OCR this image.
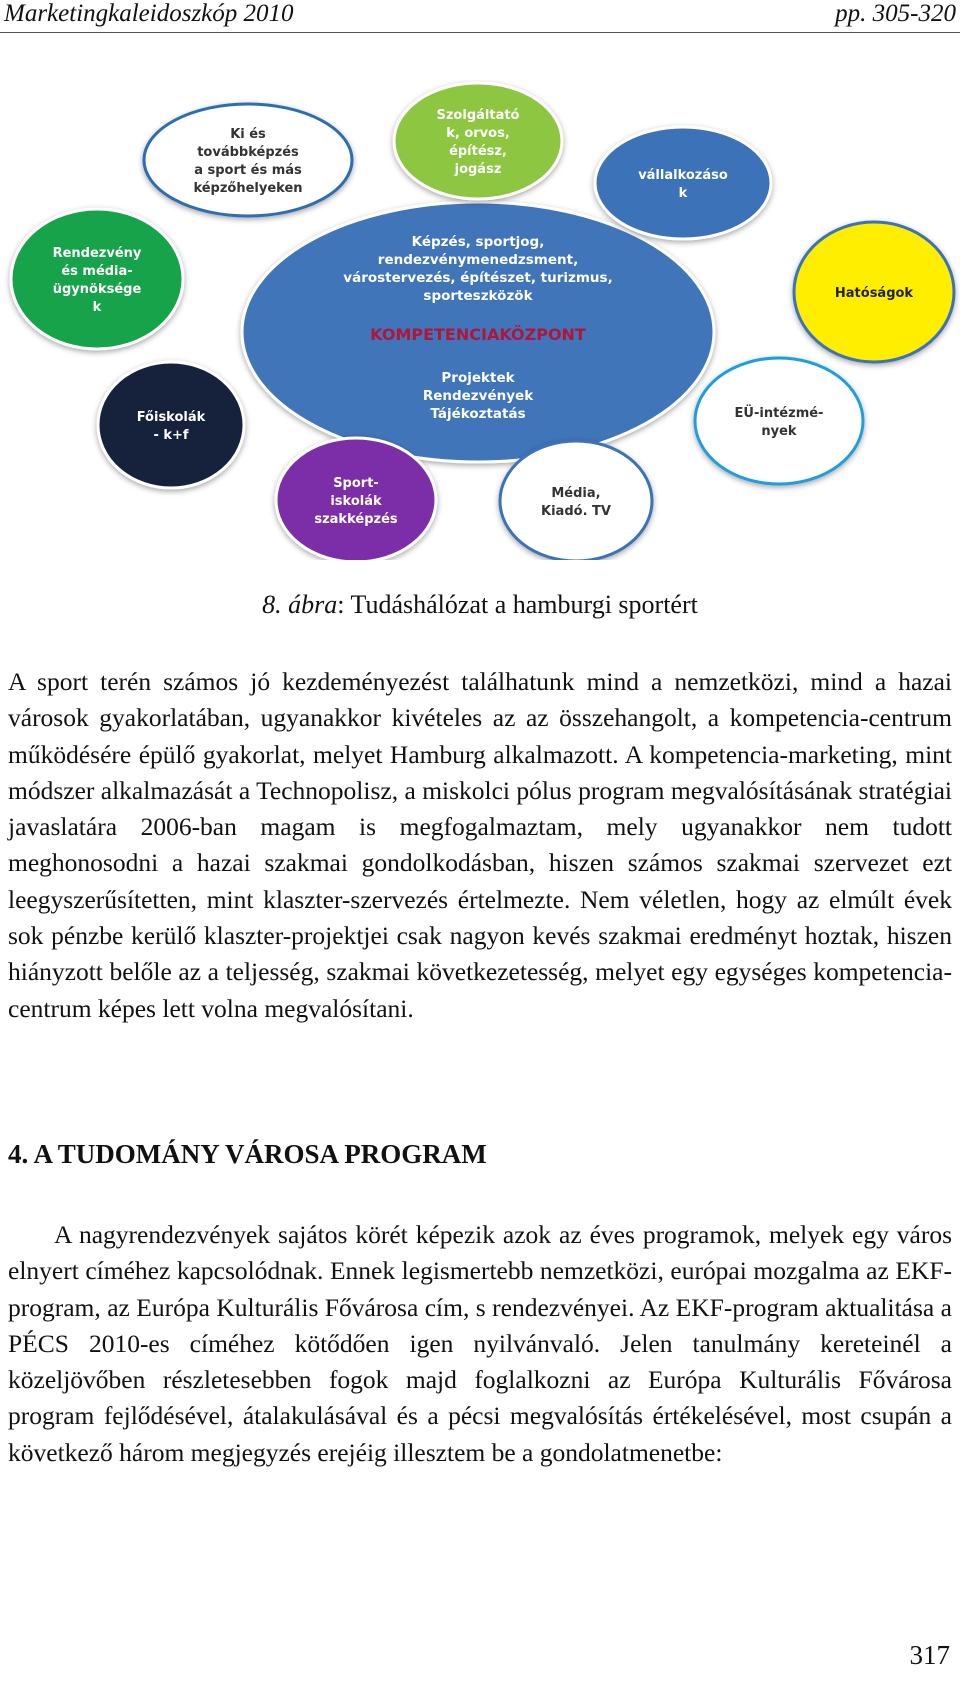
Marketingkaleidoszkóp 2010	pp. 305-320
Képzés, sportjog,
rendezvénymenedzsment,
várostervezés, építészet, turizmus,
sporteszközök
KOMPETENCIAKÖZPONT
Projektek
Rendezvények
Tájékoztatás
Ki és
továbbképzés
a sport és más
képzőhelyeken
Szolgáltató
k, orvos,
építész,
jogász	vállalkozáso
k
Rendezvény
és média-
ügynöksége
k
Hatóságok
Főiskolák
- k+f
EÜ-intézmé-
nyek
Sport-
iskolák
szakképzés
Média,
Kiadó. TV
8. ábra: Tudáshálózat a hamburgi sportért

A sport terén számos jó kezdeményezést találhatunk mind a nemzetközi, mind a hazai városok gyakorlatában, ugyanakkor kivételes az az összehangolt, a kompetencia-centrum működésére épülő gyakorlat, melyet Hamburg alkalmazott. A kompetencia-marketing, mint módszer alkalmazását a Technopolisz, a miskolci pólus program megvalósításának stratégiai javaslatára 2006-ban magam is megfogalmaztam, mely ugyanakkor nem tudott meghonosodni a hazai szakmai gondolkodásban, hiszen számos szakmai szervezet ezt leegyszerűsítetten, mint klaszter-szervezés értelmezte. Nem véletlen, hogy az elmúlt évek sok pénzbe kerülő klaszter-projektjei csak nagyon kevés szakmai eredményt hoztak, hiszen hiányzott belőle az a teljesség, szakmai következetesség, melyet egy egységes kompetencia-centrum képes lett volna megvalósítani.

4. A TUDOMÁNY VÁROSA PROGRAM

A nagyrendezvények sajátos körét képezik azok az éves programok, melyek egy város elnyert címéhez kapcsolódnak. Ennek legismertebb nemzetközi, európai mozgalma az EKF-program, az Európa Kulturális Fővárosa cím, s rendezvényei. Az EKF-program aktualitása a PÉCS 2010-es címéhez kötődően igen nyilvánvaló. Jelen tanulmány kereteinél a közeljövőben részletesebben fogok majd foglalkozni az Európa Kulturális Fővárosa program fejlődésével, átalakulásával és a pécsi megvalósítás értékelésével, most csupán a következő három megjegyzés erejéig illesztem be a gondolatmenetbe:

317
